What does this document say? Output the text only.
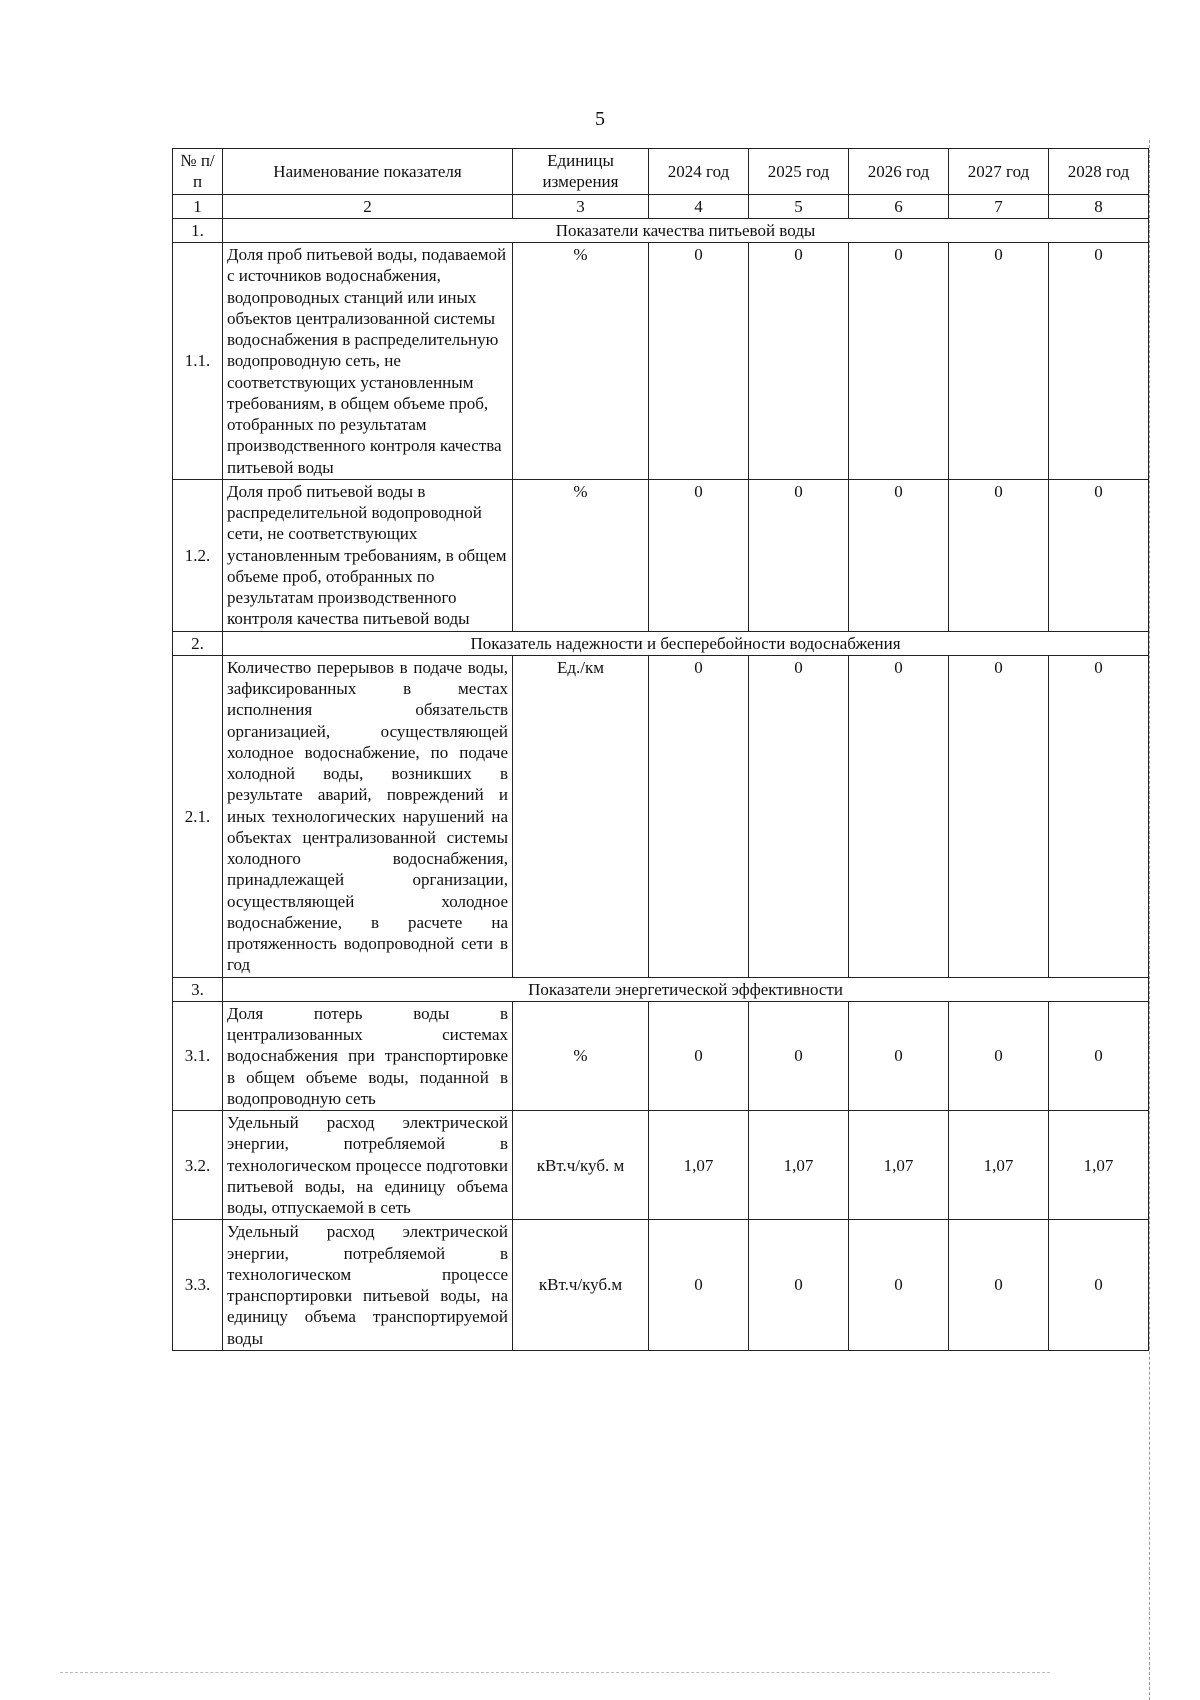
5
№ п/п	Наименование показателя	Единицы измерения	2024 год	2025 год	2026 год	2027 год	2028 год
1	2	3	4	5	6	7	8
1.	Показатели качества питьевой воды						
1.1.	Доля проб питьевой воды, подаваемой с источников водоснабжения, водопроводных станций или иных объектов централизованной системы водоснабжения в распределительную водопроводную сеть, не соответствующих установленным требованиям, в общем объеме проб, отобранных по результатам производственного контроля качества питьевой воды	%	0	0	0	0	0
1.2.	Доля проб питьевой воды в распределительной водопроводной сети, не соответствующих установленным требованиям, в общем объеме проб, отобранных по результатам производственного контроля качества питьевой воды	%	0	0	0	0	0
2.	Показатель надежности и бесперебойности водоснабжения						
2.1.	Количество перерывов в подаче воды, зафиксированных в местах исполнения обязательств организацией, осуществляющей холодное водоснабжение, по подаче холодной воды, возникших в результате аварий, повреждений и иных технологических нарушений на объектах централизованной системы холодного водоснабжения, принадлежащей организации, осуществляющей холодное водоснабжение, в расчете на протяженность водопроводной сети в год	Ед./км	0	0	0	0	0
3.	Показатели энергетической эффективности						
3.1.	Доля потерь воды в централизованных системах водоснабжения при транспортировке в общем объеме воды, поданной в водопроводную сеть	%	0	0	0	0	0
3.2.	Удельный расход электрической энергии, потребляемой в технологическом процессе подготовки питьевой воды, на единицу объема воды, отпускаемой в сеть	кВт.ч/куб. м	1,07	1,07	1,07	1,07	1,07
3.3.	Удельный расход электрической энергии, потребляемой в технологическом процессе транспортировки питьевой воды, на единицу объема транспортируемой воды	кВт.ч/куб.м	0	0	0	0	0
